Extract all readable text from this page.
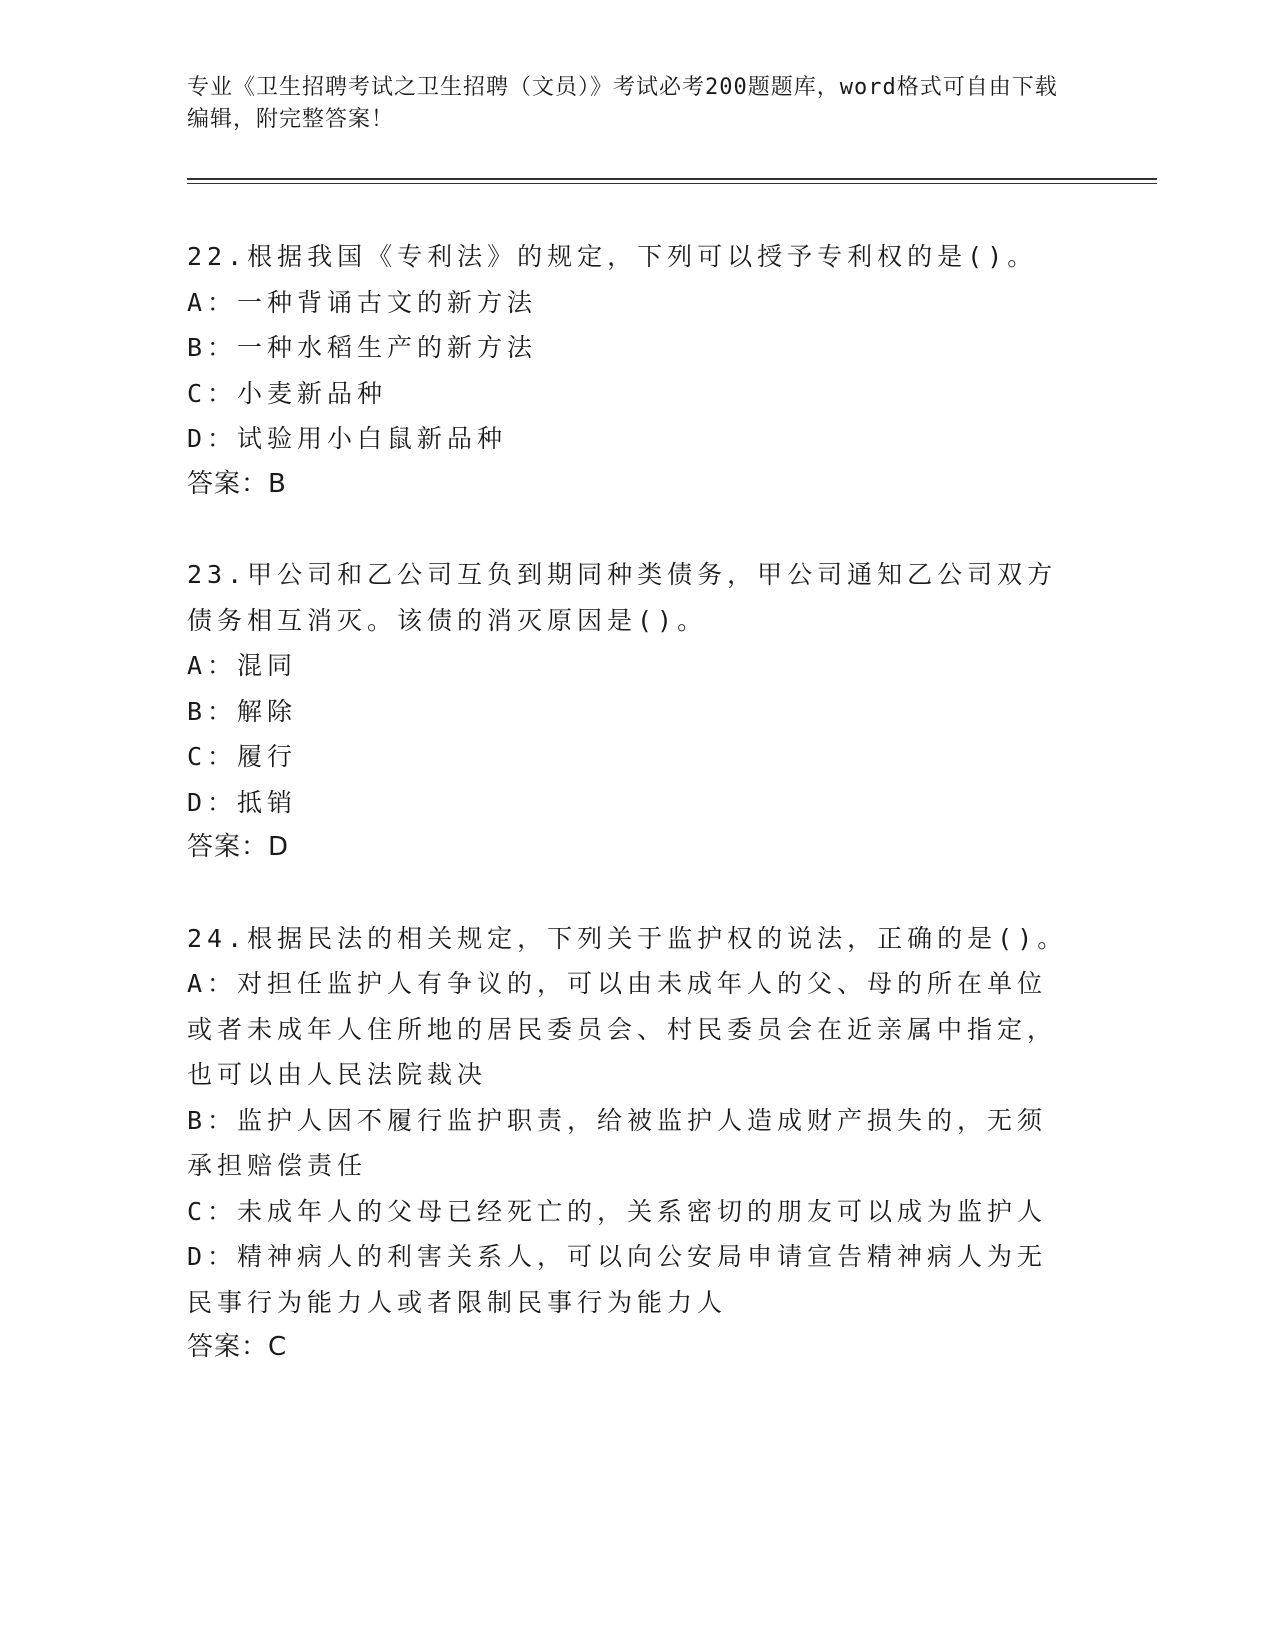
专业《卫生招聘考试之卫生招聘（文员）》考试必考200题题库，word格式可自由下载编辑，附完整答案！
22.根据我国《专利法》的规定，下列可以授予专利权的是()。
A：一种背诵古文的新方法
B：一种水稻生产的新方法
C：小麦新品种
D：试验用小白鼠新品种
答案：B
23.甲公司和乙公司互负到期同种类债务，甲公司通知乙公司双方债务相互消灭。该债的消灭原因是()。
A：混同
B：解除
C：履行
D：抵销
答案：D
24.根据民法的相关规定，下列关于监护权的说法，正确的是()。
A：对担任监护人有争议的，可以由未成年人的父、母的所在单位或者未成年人住所地的居民委员会、村民委员会在近亲属中指定，也可以由人民法院裁决
B：监护人因不履行监护职责，给被监护人造成财产损失的，无须承担赔偿责任
C：未成年人的父母已经死亡的，关系密切的朋友可以成为监护人
D：精神病人的利害关系人，可以向公安局申请宣告精神病人为无民事行为能力人或者限制民事行为能力人
答案：C
